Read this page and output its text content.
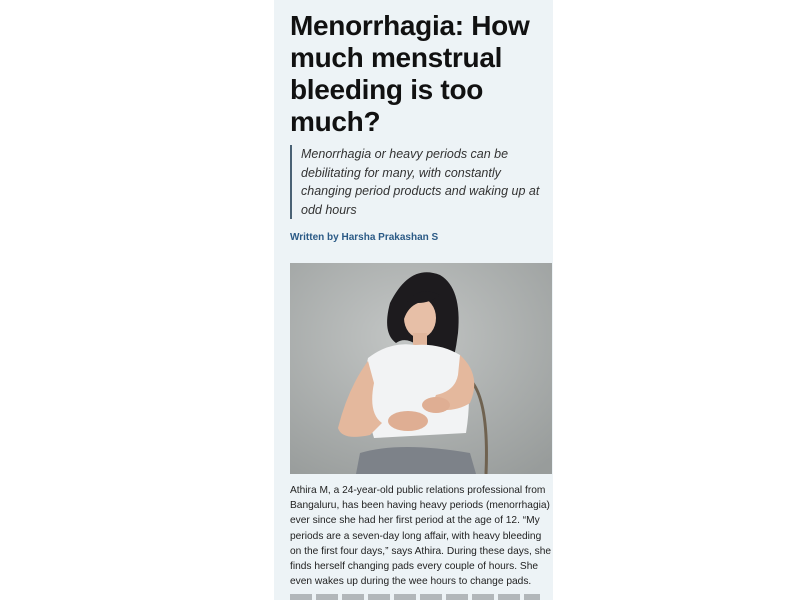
Menorrhagia: How much menstrual bleeding is too much?
Menorrhagia or heavy periods can be debilitating for many, with constantly changing period products and waking up at odd hours
Written by Harsha Prakashan S

Athira M, a 24-year-old public relations professional from Bangaluru, has been having heavy periods (menorrhagia) ever since she had her first period at the age of 12. “My periods are a seven-day long affair, with heavy bleeding on the first four days,” says Athira. During these days, she finds herself changing pads every couple of hours. She even wakes up during the wee hours to change pads.
